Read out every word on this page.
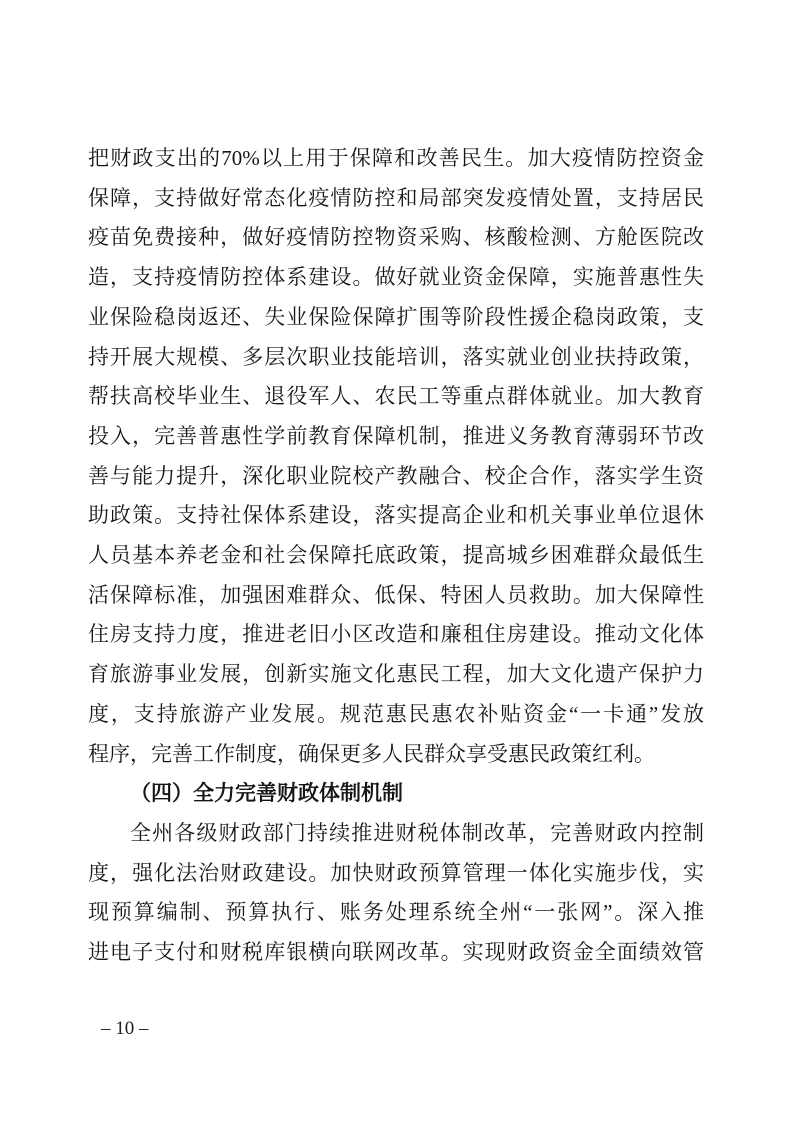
把财政支出的70%以上用于保障和改善民生。加大疫情防控资金
保障，支持做好常态化疫情防控和局部突发疫情处置，支持居民
疫苗免费接种，做好疫情防控物资采购、核酸检测、方舱医院改
造，支持疫情防控体系建设。做好就业资金保障，实施普惠性失
业保险稳岗返还、失业保险保障扩围等阶段性援企稳岗政策，支
持开展大规模、多层次职业技能培训，落实就业创业扶持政策，
帮扶高校毕业生、退役军人、农民工等重点群体就业。加大教育
投入，完善普惠性学前教育保障机制，推进义务教育薄弱环节改
善与能力提升，深化职业院校产教融合、校企合作，落实学生资
助政策。支持社保体系建设，落实提高企业和机关事业单位退休
人员基本养老金和社会保障托底政策，提高城乡困难群众最低生
活保障标准，加强困难群众、低保、特困人员救助。加大保障性
住房支持力度，推进老旧小区改造和廉租住房建设。推动文化体
育旅游事业发展，创新实施文化惠民工程，加大文化遗产保护力
度，支持旅游产业发展。规范惠民惠农补贴资金“一卡通”发放
程序，完善工作制度，确保更多人民群众享受惠民政策红利。
（四）全力完善财政体制机制
全州各级财政部门持续推进财税体制改革，完善财政内控制
度，强化法治财政建设。加快财政预算管理一体化实施步伐，实
现预算编制、预算执行、账务处理系统全州“一张网”。深入推
进电子支付和财税库银横向联网改革。实现财政资金全面绩效管
– 10 –
